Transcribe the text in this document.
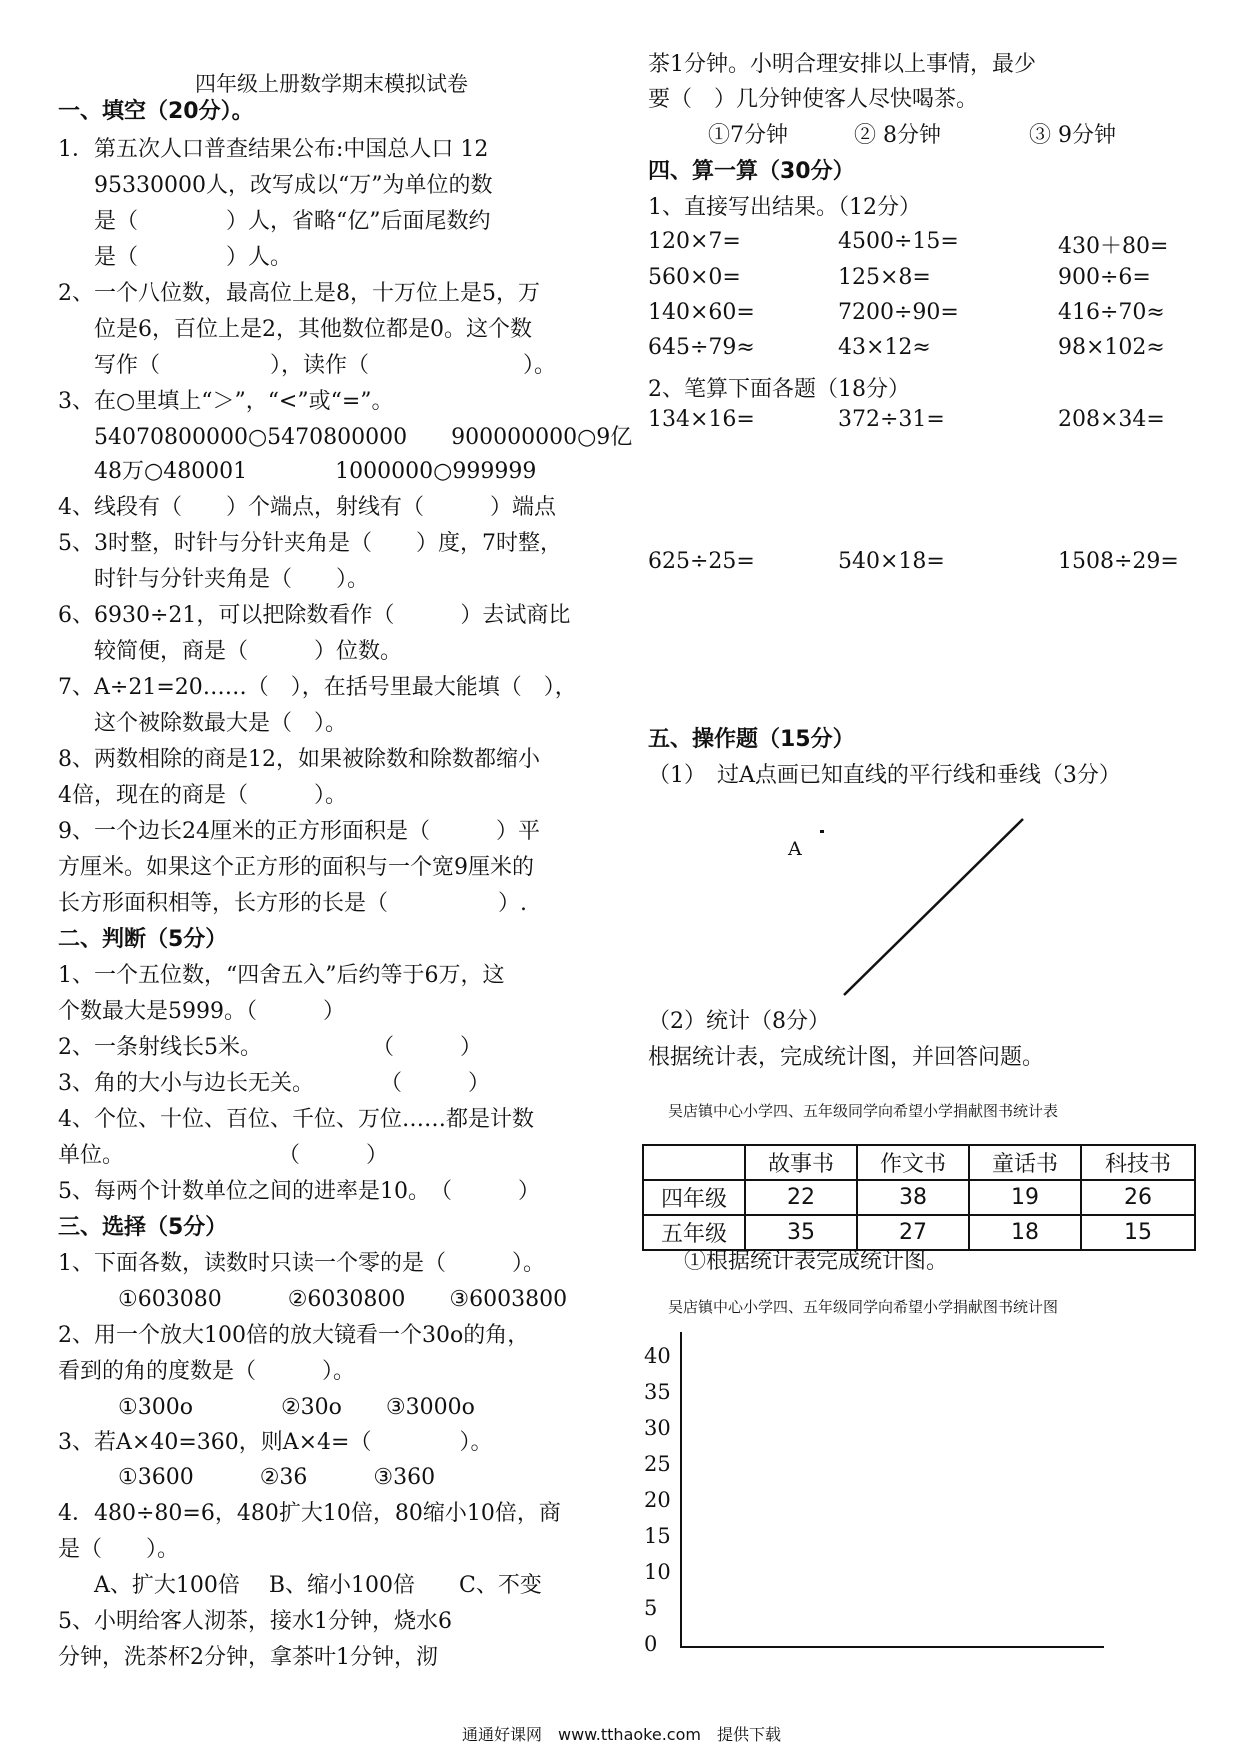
四年级上册数学期末模拟试卷
一、填空（20分）。
1．第五次人口普查结果公布:中国总人口 12
95330000人，改写成以“万”为单位的数
是（　　　　）人，省略“亿”后面尾数约
是（　　　　）人。
2、一个八位数，最高位上是8，十万位上是5，万
位是6，百位上是2，其他数位都是0。这个数
写作（　　　　　），读作（　　　　　　　）。
3、在○里填上“＞”，“<”或“=”。
54070800000○5470800000　　900000000○9亿
48万○480001　　　　1000000○999999
4、线段有（　　）个端点，射线有（　　　）端点
5、3时整，时针与分针夹角是（　　）度，7时整，
时针与分针夹角是（　　）。
6、6930÷21，可以把除数看作（　　　）去试商比
较简便，商是（　　　）位数。
7、A÷21=20……（　），在括号里最大能填（　），
这个被除数最大是（　）。
8、两数相除的商是12，如果被除数和除数都缩小
4倍，现在的商是（　　　）。
9、一个边长24厘米的正方形面积是（　　　）平
方厘米。如果这个正方形的面积与一个宽9厘米的
长方形面积相等，长方形的长是（　　　　　）.
二、判断（5分）
1、一个五位数，“四舍五入”后约等于6万，这
个数最大是5999。（　　　）
2、一条射线长5米。　　　　　　（　　　）
3、角的大小与边长无关。　　　　（　　　）
4、个位、十位、百位、千位、万位……都是计数
单位。　　　　　　　　（　　　）
5、每两个计数单位之间的进率是10。　（　　　）
三、选择（5分）
1、下面各数，读数时只读一个零的是（　　　）。
①603080　　　②6030800　　③6003800
2、用一个放大100倍的放大镜看一个30o的角，
看到的角的度数是（　　　）。
①300o　　　　②30o　　③3000o
3、若A×40=360，则A×4=（　　　　）。
①3600　　　②36　　　③360
4．480÷80=6，480扩大10倍，80缩小10倍，商
是（　　）。
A、扩大100倍　 B、缩小100倍　　C、不变
5、小明给客人沏茶，接水1分钟，烧水6
分钟，洗茶杯2分钟，拿茶叶1分钟，沏
茶1分钟。小明合理安排以上事情，最少
要（　）几分钟使客人尽快喝茶。
①7分钟　　　② 8分钟　　　　③ 9分钟
四、算一算（30分）
1、直接写出结果。（12分）
2、笔算下面各题（18分）
五、操作题（15分）
（1）　过A点画已知直线的平行线和垂线（3分）
（2）统计（8分）
根据统计表，完成统计图，并回答问题。
①根据统计表完成统计图。
A
吴店镇中心小学四、五年级同学向希望小学捐献图书统计表
	故事书	作文书	童话书	科技书
四年级	22	38	19	26
五年级	35	27	18	15
吴店镇中心小学四、五年级同学向希望小学捐献图书统计图
40
35
30
25
20
15
10
5
0
通通好课网　www.tthaoke.com　提供下载
120×7=	4500÷15=	430＋80=
560×0=	125×8=	900÷6=
140×60=	7200÷90=	416÷70≈
645÷79≈	43×12≈	98×102≈
134×16=	372÷31=	208×34=
625÷25=	540×18=	1508÷29=
